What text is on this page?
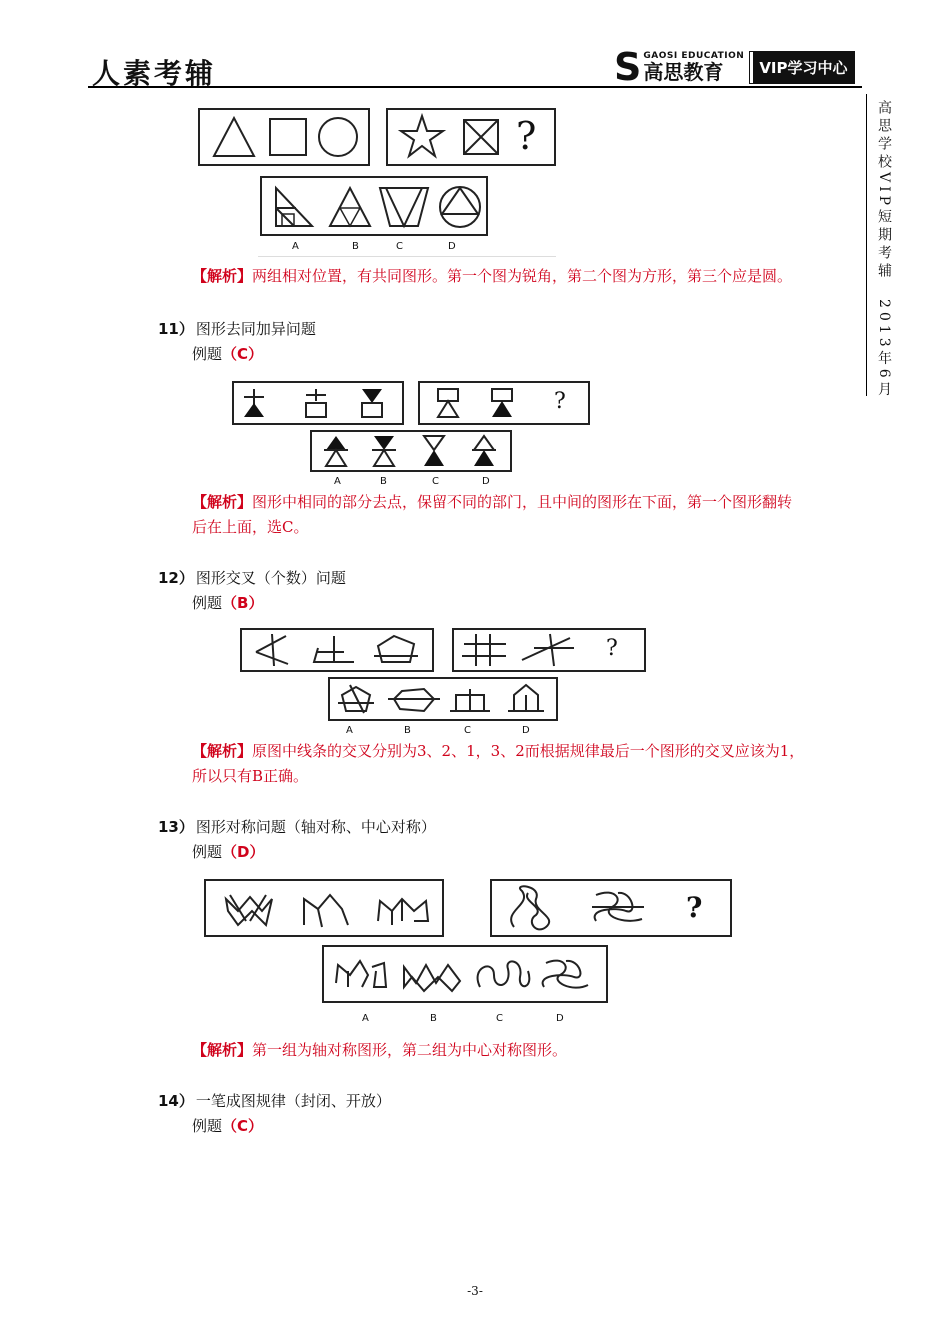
人素考辅	S GAOSI EDUCATION
高思教育	VIP学习中心
高思学校VIP短期考辅　2013年6月
?
A	B	C	D
【解析】两组相对位置，有共同图形。第一个图为锐角，第二个图为方形，第三个应是圆。
11） 图形去同加异问题
例题（C）
?
A	B	C	D
【解析】图形中相同的部分去点，保留不同的部门，且中间的图形在下面，第一个图形翻转
后在上面，选C。
12） 图形交叉（个数）问题
例题（B）
?
A	B	C	D
【解析】原图中线条的交叉分别为3、2、1，3、2而根据规律最后一个图形的交叉应该为1，
所以只有B正确。
13） 图形对称问题（轴对称、中心对称）
例题（D）
?
A	B	C	D
【解析】第一组为轴对称图形，第二组为中心对称图形。
14） 一笔成图规律（封闭、开放）
例题（C）
-3-
